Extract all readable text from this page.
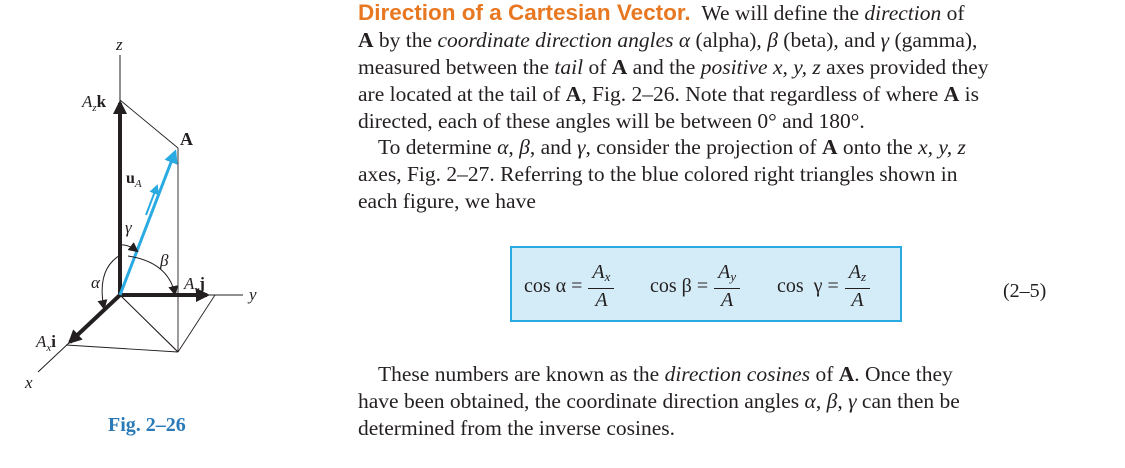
z
y
x
A
$A_zk$
$u_A$
$A_yj$
$A_xi$
γ
β
α
Fig. 2–26
Direction of a Cartesian Vector. We will define the direction of
A by the coordinate direction angles α (alpha), β (beta), and γ (gamma),
measured between the tail of A and the positive x, y, z axes provided they
are located at the tail of A, Fig. 2–26. Note that regardless of where A is
directed, each of these angles will be between 0° and 180°.
To determine α, β, and γ, consider the projection of A onto the x, y, z
axes, Fig. 2–27. Referring to the blue colored right triangles shown in
each figure, we have
These numbers are known as the direction cosines of A. Once they
have been obtained, the coordinate direction angles α, β, γ can then be
determined from the inverse cosines.
$\cos \alpha = \frac{A_x}{A}$ $\cos \beta = \frac{A_y}{A}$ $\cos \gamma = \frac{A_z}{A}$	(2–5)
